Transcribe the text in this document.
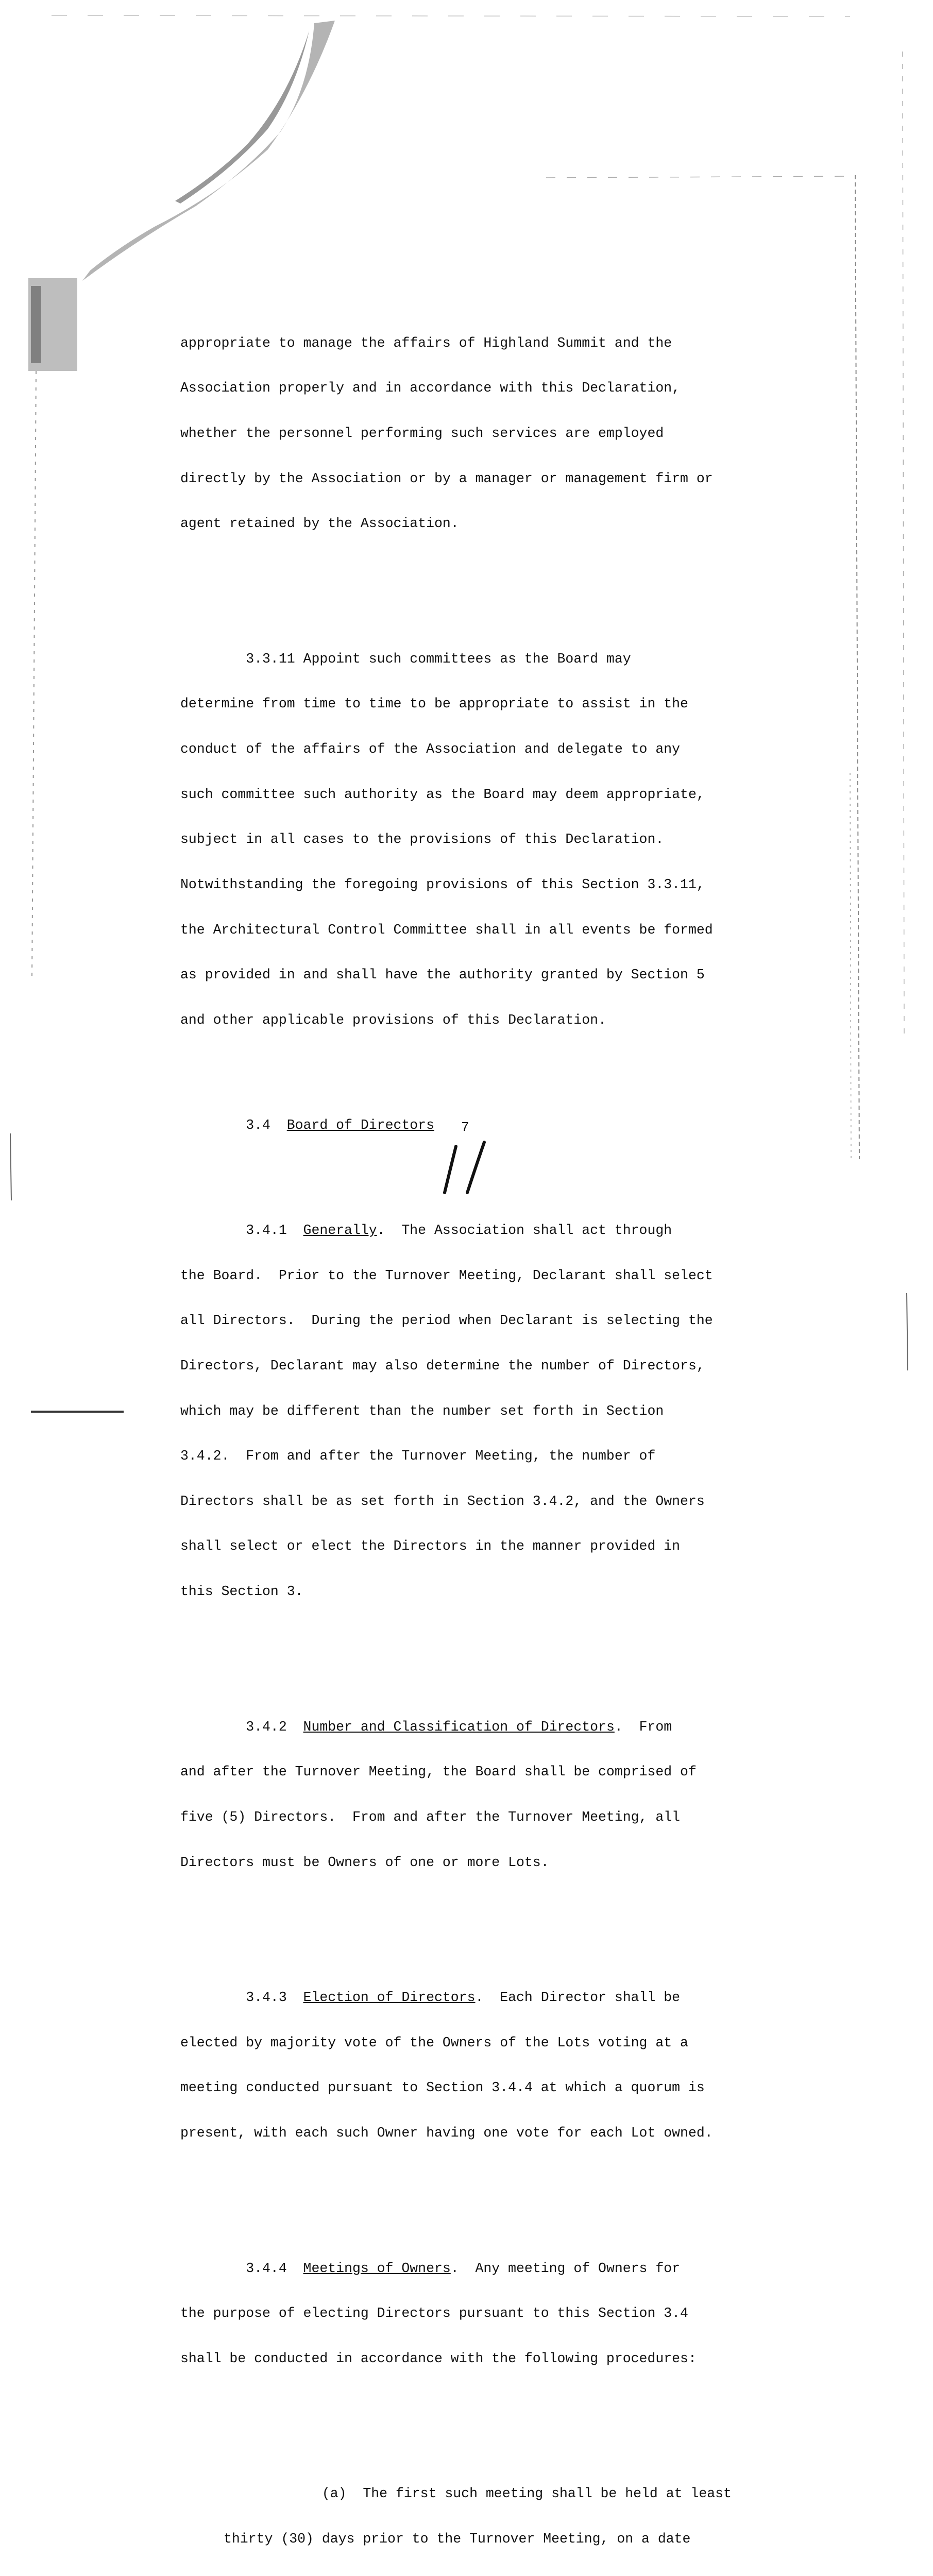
appropriate to manage the affairs of Highland Summit and the

Association properly and in accordance with this Declaration,

whether the personnel performing such services are employed

directly by the Association or by a manager or management firm or

agent retained by the Association.

3.3.11 Appoint such committees as the Board may

determine from time to time to be appropriate to assist in the

conduct of the affairs of the Association and delegate to any

such committee such authority as the Board may deem appropriate,

subject in all cases to the provisions of this Declaration.

Notwithstanding the foregoing provisions of this Section 3.3.11,

the Architectural Control Committee shall in all events be formed

as provided in and shall have the authority granted by Section 5

and other applicable provisions of this Declaration.

3.4  Board of Directors

3.4.1  Generally.  The Association shall act through

the Board.  Prior to the Turnover Meeting, Declarant shall select

all Directors.  During the period when Declarant is selecting the

Directors, Declarant may also determine the number of Directors,

which may be different than the number set forth in Section

3.4.2.  From and after the Turnover Meeting, the number of

Directors shall be as set forth in Section 3.4.2, and the Owners

shall select or elect the Directors in the manner provided in

this Section 3.

3.4.2  Number and Classification of Directors.  From

and after the Turnover Meeting, the Board shall be comprised of

five (5) Directors.  From and after the Turnover Meeting, all

Directors must be Owners of one or more Lots.

3.4.3  Election of Directors.  Each Director shall be

elected by majority vote of the Owners of the Lots voting at a

meeting conducted pursuant to Section 3.4.4 at which a quorum is

present, with each such Owner having one vote for each Lot owned.

3.4.4  Meetings of Owners.  Any meeting of Owners for

the purpose of electing Directors pursuant to this Section 3.4

shall be conducted in accordance with the following procedures:

(a)  The first such meeting shall be held at least

thirty (30) days prior to the Turnover Meeting, on a date

7
